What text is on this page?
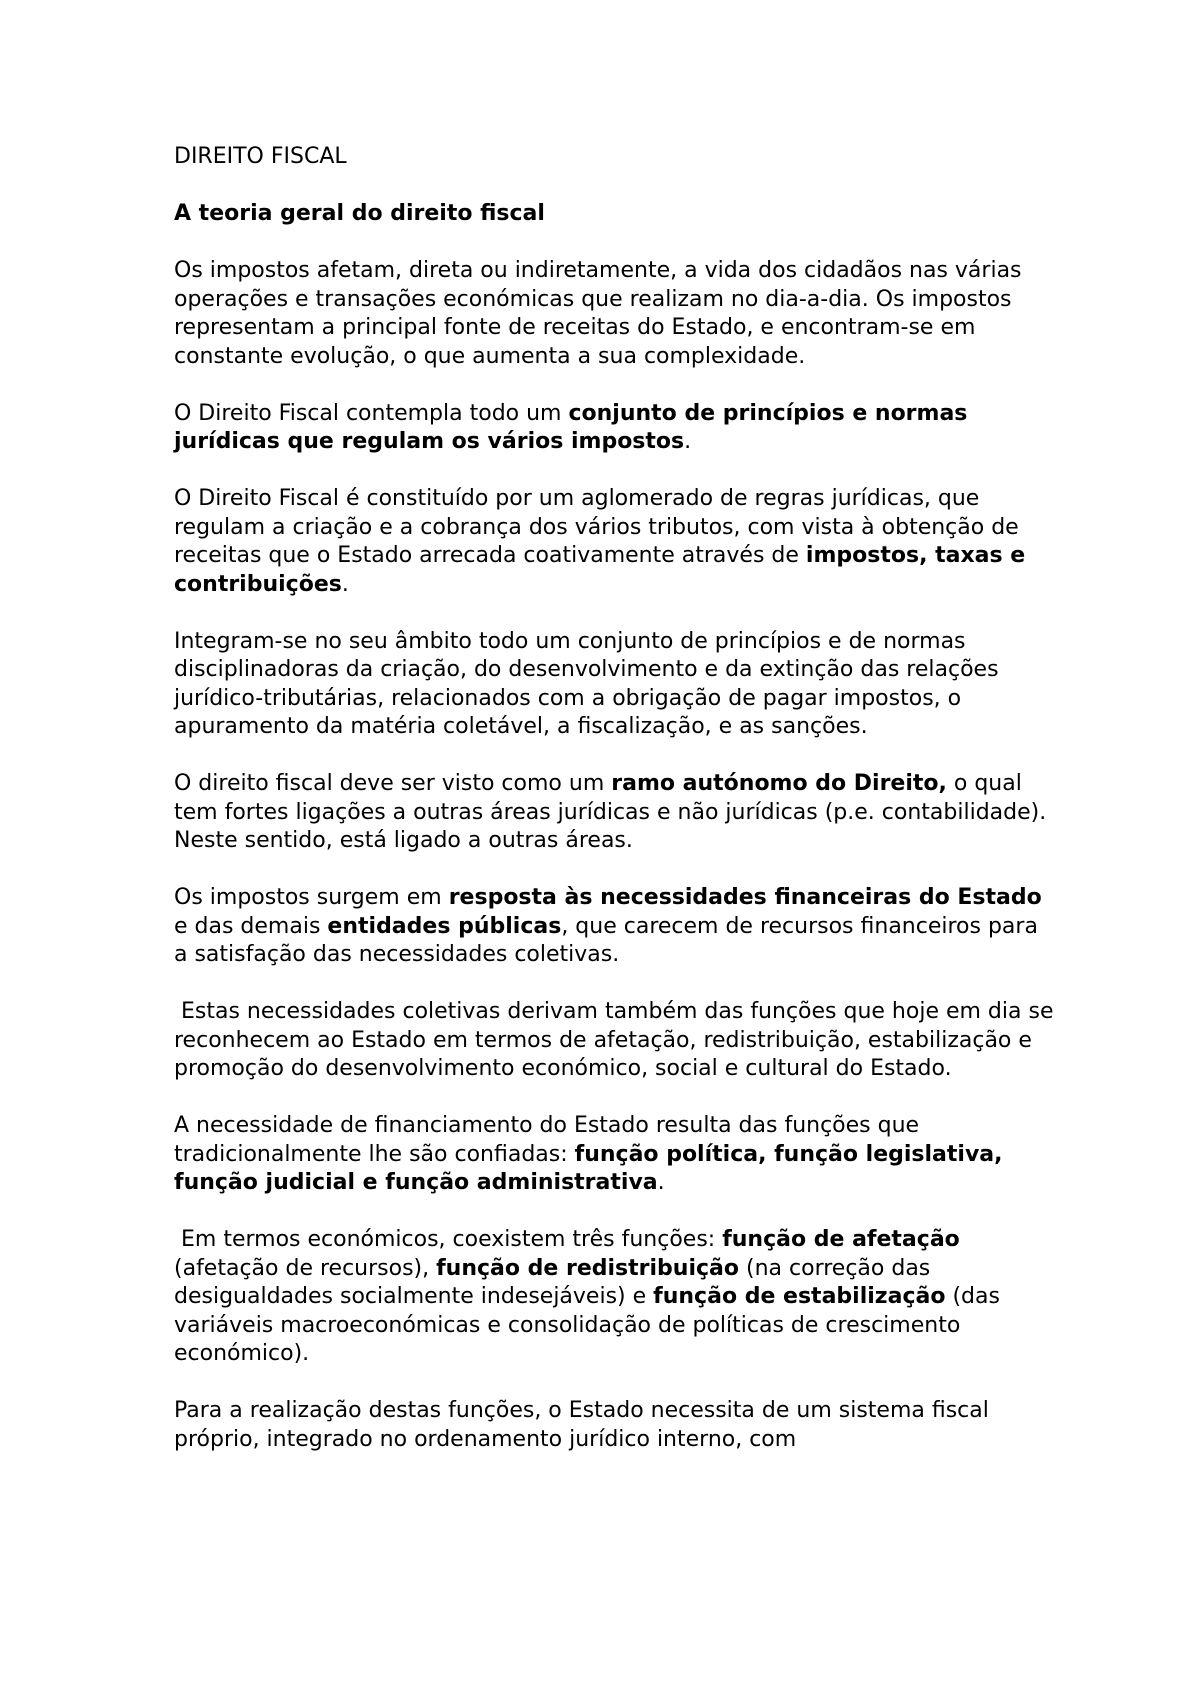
DIREITO FISCAL

A teoria geral do direito fiscal

Os impostos afetam, direta ou indiretamente, a vida dos cidadãos nas várias operações e transações económicas que realizam no dia-a-dia. Os impostos representam a principal fonte de receitas do Estado, e encontram-se em constante evolução, o que aumenta a sua complexidade.

O Direito Fiscal contempla todo um conjunto de princípios e normas jurídicas que regulam os vários impostos.

O Direito Fiscal é constituído por um aglomerado de regras jurídicas, que regulam a criação e a cobrança dos vários tributos, com vista à obtenção de receitas que o Estado arrecada coativamente através de impostos, taxas e contribuições.

Integram-se no seu âmbito todo um conjunto de princípios e de normas disciplinadoras da criação, do desenvolvimento e da extinção das relações jurídico-tributárias, relacionados com a obrigação de pagar impostos, o apuramento da matéria coletável, a fiscalização, e as sanções.

O direito fiscal deve ser visto como um ramo autónomo do Direito, o qual tem fortes ligações a outras áreas jurídicas e não jurídicas (p.e. contabilidade). Neste sentido, está ligado a outras áreas.

Os impostos surgem em resposta às necessidades financeiras do Estado e das demais entidades públicas, que carecem de recursos financeiros para a satisfação das necessidades coletivas.

Estas necessidades coletivas derivam também das funções que hoje em dia se reconhecem ao Estado em termos de afetação, redistribuição, estabilização e promoção do desenvolvimento económico, social e cultural do Estado.

A necessidade de financiamento do Estado resulta das funções que tradicionalmente lhe são confiadas: função política, função legislativa, função judicial e função administrativa.

Em termos económicos, coexistem três funções: função de afetação (afetação de recursos), função de redistribuição (na correção das desigualdades socialmente indesejáveis) e função de estabilização (das variáveis macroeconómicas e consolidação de políticas de crescimento económico).

Para a realização destas funções, o Estado necessita de um sistema fiscal próprio, integrado no ordenamento jurídico interno, com
